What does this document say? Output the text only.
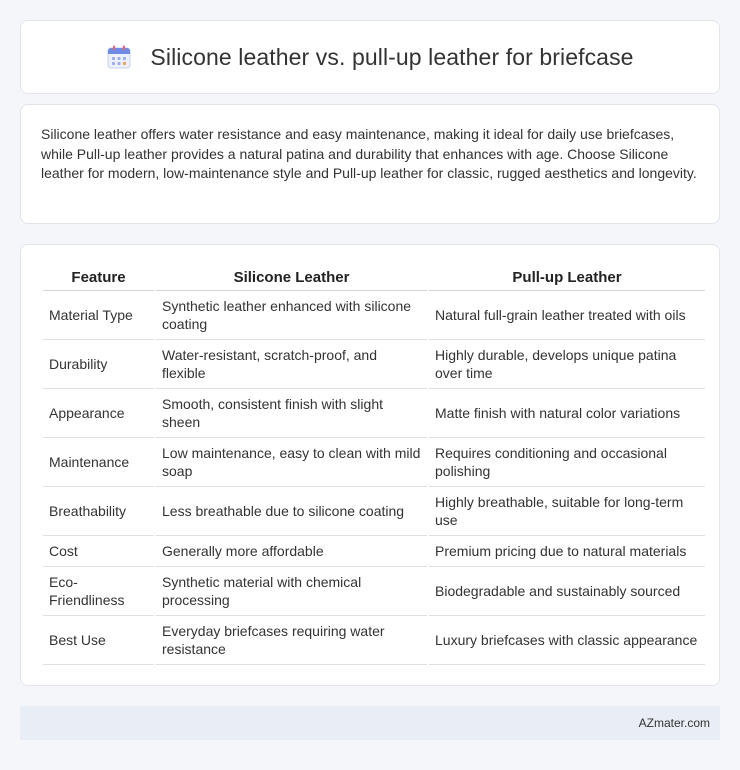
Silicone leather vs. pull-up leather for briefcase

Silicone leather offers water resistance and easy maintenance, making it ideal for daily use briefcases, while Pull-up leather provides a natural patina and durability that enhances with age. Choose Silicone leather for modern, low-maintenance style and Pull-up leather for classic, rugged aesthetics and longevity.

Feature	Silicone Leather	Pull-up Leather
Material Type	Synthetic leather enhanced with silicone coating	Natural full-grain leather treated with oils
Durability	Water-resistant, scratch-proof, and flexible	Highly durable, develops unique patina over time
Appearance	Smooth, consistent finish with slight sheen	Matte finish with natural color variations
Maintenance	Low maintenance, easy to clean with mild soap	Requires conditioning and occasional polishing
Breathability	Less breathable due to silicone coating	Highly breathable, suitable for long-term use
Cost	Generally more affordable	Premium pricing due to natural materials
Eco-Friendliness	Synthetic material with chemical processing	Biodegradable and sustainably sourced
Best Use	Everyday briefcases requiring water resistance	Luxury briefcases with classic appearance
AZmater.com
